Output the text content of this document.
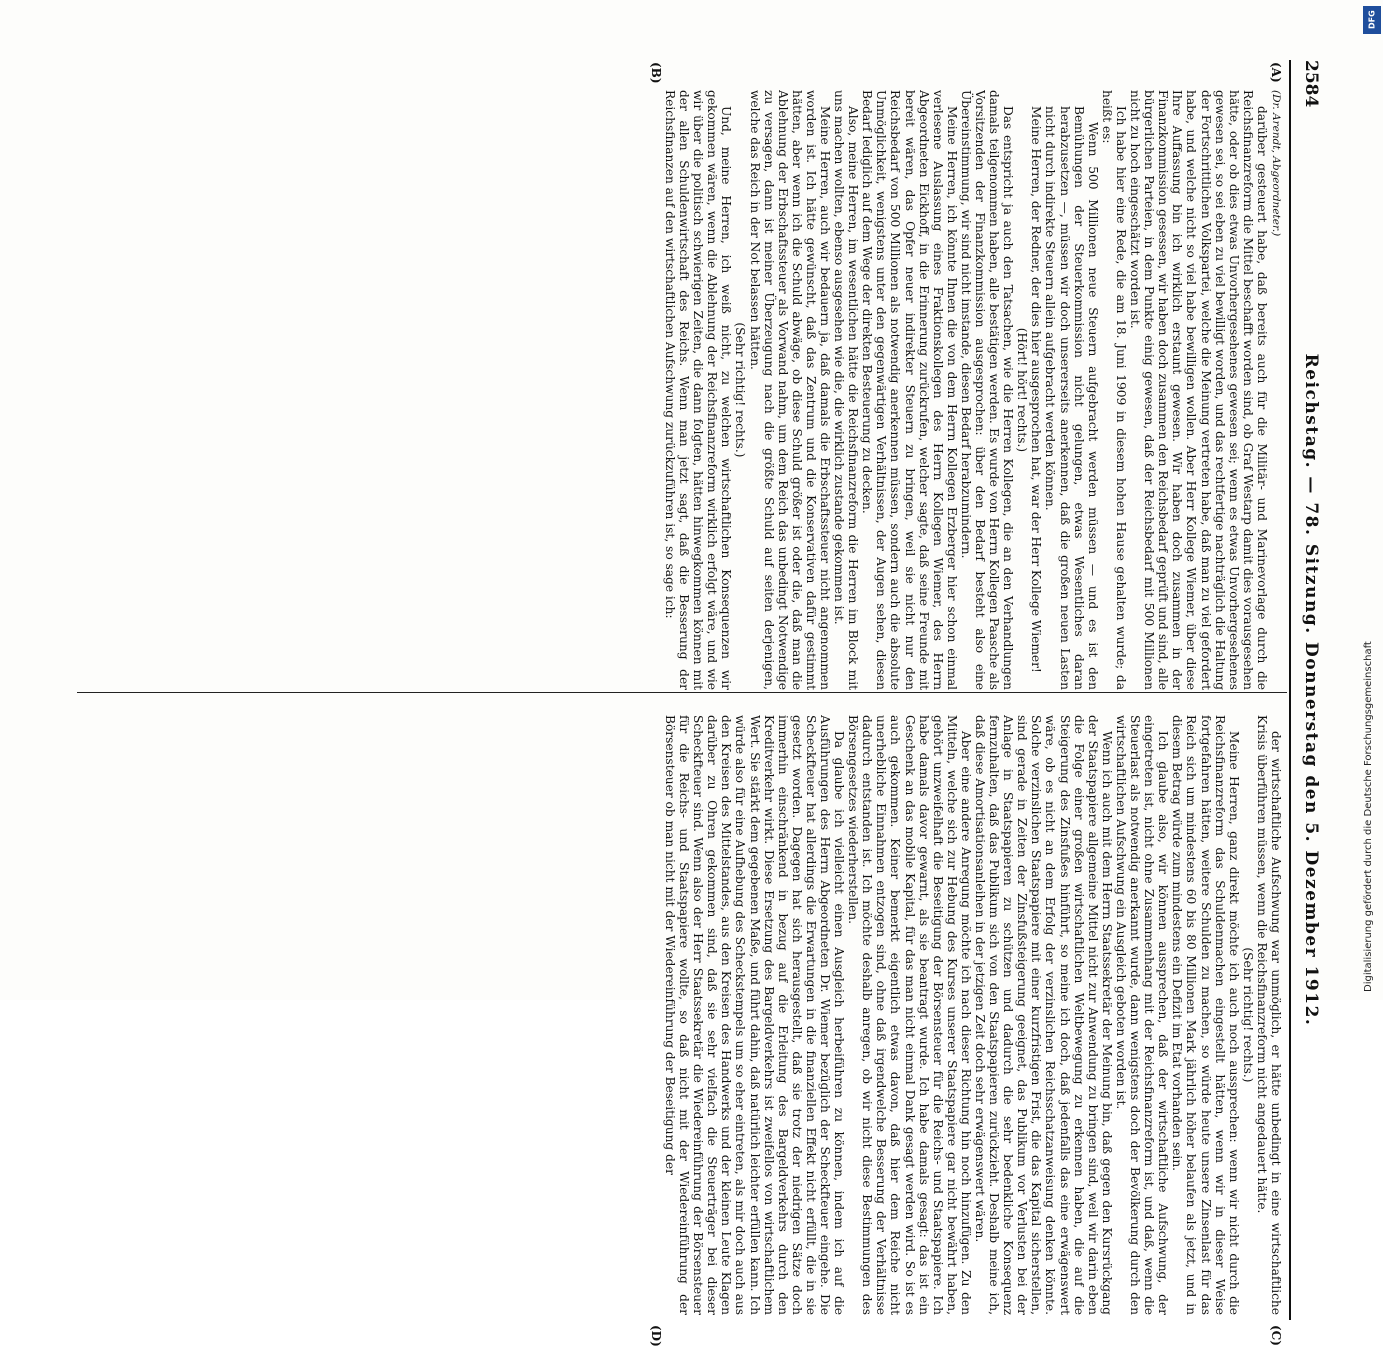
2584
Reichstag. — 78. Sitzung. Donnerstag den 5. Dezember 1912.
(A)
(B)

(Dr. Arendt, Abgeordneter.)

darüber gesteuert habe, daß bereits auch für die Militär- und Marinevorlage durch die Reichsfinanzreform die Mittel beschafft worden sind, ob Graf Westarp damit dies vorausgesehen hätte, oder ob dies etwas Unvorhergesehenes gewesen sei; wenn es etwas Unvorhergesehenes gewesen sei, so sei eben zu viel bewilligt worden, und das rechtfertige nachträglich die Haltung der Fortschrittlichen Volkspartei, welche die Meinung vertreten habe, daß man zu viel gefordert habe, und welche nicht so viel habe bewilligen wollen. Aber Herr Kollege Wiemer, über diese Ihre Auffassung bin ich wirklich erstaunt gewesen. Wir haben doch zusammen in der Finanzkommission gesessen, wir haben doch zusammen den Reichsbedarf geprüft und sind, alle bürgerlichen Parteien, in dem Punkte einig gewesen, daß der Reichsbedarf mit 500 Millionen nicht zu hoch eingeschätzt worden ist.

Ich habe hier eine Rede, die am 18. Juni 1909 in diesem hohen Hause gehalten wurde; da heißt es:

Wenn 500 Millionen neue Steuern aufgebracht werden müssen — und es ist den Bemühungen der Steuerkommission nicht gelungen, etwas Wesentliches daran herabzusetzen —, müssen wir doch unsererseits anerkennen, daß die großen neuen Lasten nicht durch indirekte Steuern allein aufgebracht werden können.

Meine Herren, der Redner, der dies hier ausgesprochen hat, war der Herr Kollege Wiemer!

(Hört! hört! rechts.)

Das entspricht ja auch den Tatsachen, wie die Herren Kollegen, die an den Verhandlungen damals teilgenommen haben, alle bestätigen werden. Es wurde von Herrn Kollegen Paasche als Vorsitzenden der Finanzkommission ausgesprochen: über den Bedarf besteht also eine Übereinstimmung, wir sind nicht imstande, diesen Bedarf herabzumindern.

Meine Herren, ich könnte Ihnen die von dem Herrn Kollegen Erzberger hier schon einmal verlesene Auslassung eines Fraktionskollegen des Herrn Kollegen Wiemer, des Herrn Abgeordneten Eickhoff, in die Erinnerung zurückrufen, welcher sagte, daß seine Freunde mit bereit wären, das Opfer neuer indirekter Steuern zu bringen, weil sie nicht nur den Reichsbedarf von 500 Millionen als notwendig anerkennen müssen, sondern auch die absolute Unmöglichkeit, wenigstens unter den gegenwärtigen Verhältnissen, der Augen sehen, diesen Bedarf lediglich auf dem Wege der direkten Besteuerung zu decken.

Also, meine Herren, im wesentlichen hätte die Reichsfinanzreform die Herren im Block mit uns machen wollten, ebenso ausgesehen wie die, die wirklich zustande gekommen ist.

Meine Herren, auch wir bedauern ja, daß damals die Erbschaftssteuer nicht angenommen worden ist. Ich hätte gewünscht, daß das Zentrum und die Konservativen dafür gestimmt hätten, aber wenn ich die Schuld abwäge, ob diese Schuld größer ist oder die, daß man die Ablehnung der Erbschaftssteuer als Vorwand nahm, um dem Reich das unbedingt Notwendige zu versagen, dann ist meiner Überzeugung nach die größte Schuld auf seiten derjenigen, welche das Reich in der Not belassen hätten.

(Sehr richtig! rechts.)

Und, meine Herren, ich weiß nicht, zu welchen wirtschaftlichen Konsequenzen wir gekommen wären, wenn die Ablehnung der Reichsfinanzreform wirklich erfolgt wäre, und wie wir über die politisch schwierigen Zeiten, die dann folgten, hätten hinwegkommen können mit der allen Schuldenwirtschaft des Reichs. Wenn man jetzt sagt, daß die Besserung der Reichsfinanzen auf den wirtschaftlichen Aufschwung zurückzuführen ist, so sage ich:

der wirtschaftliche Aufschwung war unmöglich, er hätte unbedingt in eine wirtschaftliche Krisis überführen müssen, wenn die Reichsfinanzreform nicht angedauert hätte.

(Sehr richtig! rechts.)

Meine Herren, ganz direkt möchte ich auch noch aussprechen: wenn wir nicht durch die Reichsfinanzreform das Schuldenmachen eingestellt hätten, wenn wir in dieser Weise fortgefahren hätten, weitere Schulden zu machen, so würde heute unsere Zinsenlast für das Reich sich um mindestens 60 bis 80 Millionen Mark jährlich höher belaufen als jetzt, und in diesem Betrag würde zum mindestens ein Defizit im Etat vorhanden sein.

Ich glaube also, wir können aussprechen, daß der wirtschaftliche Aufschwung, der eingetreten ist, nicht ohne Zusammenhang mit der Reichsfinanzreform ist, und daß, wenn die Steuerlast als notwendig anerkannt wurde, dann wenigstens doch der Bevölkerung durch den wirtschaftlichen Aufschwung ein Ausgleich geboten worden ist.

Wenn ich auch mit dem Herrn Staatssekretär der Meinung bin, daß gegen den Kursrückgang der Staatspapiere allgemeine Mittel nicht zur Anwendung zu bringen sind, weil wir darin eben die Folge einer großen wirtschaftlichen Weltbewegung zu erkennen haben, die auf die Steigerung des Zinsfußes hinführt, so meine ich doch, daß jedenfalls das eine erwägenswert wäre, ob es nicht an dem Erfolg der verzinslichen Reichsschatzanweisung denken könnte. Solche verzinslichen Staatspapiere mit einer kurzfristigen Frist, die das Kapital sicherstellen, sind gerade in Zeiten der Zinsfußsteigerung geeignet, das Publikum vor Verlusten bei der Anlage in Staatspapieren zu schützen und dadurch die sehr bedenkliche Konsequenz fernzuhalten, daß das Publikum sich von den Staatspapieren zurückzieht. Deshalb meine ich, daß diese Amortisationsanleihen in der jetzigen Zeit doch sehr erwägenswert wären.

Aber eine andere Anregung möchte ich nach dieser Richtung hin noch hinzufügen. Zu den Mitteln, welche sich zur Hebung des Kurses unserer Staatspapiere gar nicht bewährt haben, gehört unzweifelhaft die Beseitigung der Börsensteuer für die Reichs- und Staatspapiere. Ich habe damals davor gewarnt, als sie beantragt wurde. Ich habe damals gesagt: das ist ein Geschenk an das mobile Kapital, für das man nicht einmal Dank gesagt werden wird. So ist es auch gekommen. Keiner bemerkt eigentlich etwas davon, daß hier dem Reiche nicht unerhebliche Einnahmen entzogen sind, ohne daß irgendwelche Besserung der Verhältnisse dadurch entstanden ist. Ich möchte deshalb anregen, ob wir nicht diese Bestimmungen des Börsengesetzes wiederherstellen.

Da glaube ich vielleicht einen Ausgleich herbeiführen zu können, indem ich auf die Ausführungen des Herrn Abgeordneten Dr. Wiemer bezüglich der Scheckfteuer eingehe. Die Scheckfteuer hat allerdings die Erwartungen in die finanziellen Effekt nicht erfüllt, die in sie gesetzt worden. Dagegen hat sich herausgestellt, daß sie trotz der niedrigen Sätze doch immerhin einschränkend in bezug auf die Erleitung des Bargeldverkehrs durch den Kreditverkehr wirkt. Diese Ersetzung des Bargeldverkehrs ist zweifellos von wirtschaftlichem Wert. Sie stärkt dem gegebenen Maße, und führt dahin, daß natürlich leichter erfüllen kann. Ich würde also für eine Aufhebung des Scheckstempels um so eher eintreten, als mir doch auch aus den Kreisen des Mittelstandes, aus den Kreisen des Handwerks und der kleinen Leute Klagen darüber zu Ohren gekommen sind, daß sie sehr vielfach die Steuerträger bei dieser Scheckfteuer sind. Wenn also der Herr Staatssekretär die Wiedereinführung der Börsensteuer für die Reichs- und Staatspapiere wollte, so daß nicht mit der Wiedereinführung der Börsensteuer ob man nicht mit der Wiedereinführung der Beseitigung der

(C)
(D)
Digitalisierung gefördert durch die Deutsche Forschungsgemeinschaft
DFG
